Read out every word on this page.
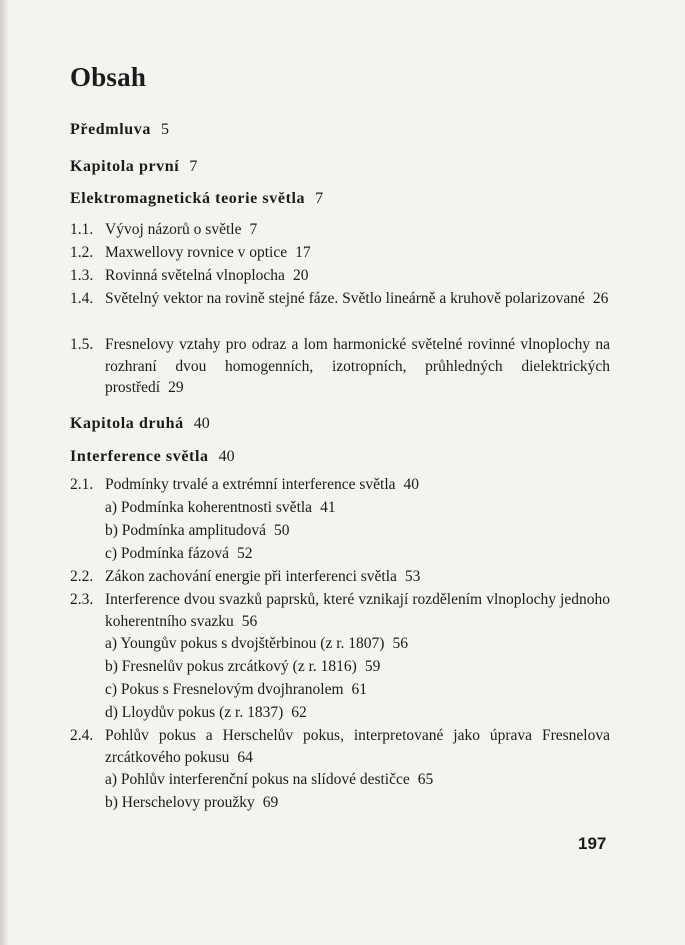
Obsah
Předmluva 5
Kapitola první 7
Elektromagnetická teorie světla 7
1.1. Vývoj názorů o světle 7
1.2. Maxwellovy rovnice v optice 17
1.3. Rovinná světelná vlnoplocha 20
1.4. Světelný vektor na rovině stejné fáze. Světlo lineárně a kruhově polarizované 26
1.5. Fresnelovy vztahy pro odraz a lom harmonické světelné rovinné vlnoplochy na rozhraní dvou homogenních, izotropních, průhledných dielektrických prostředí 29
Kapitola druhá 40
Interference světla 40
2.1. Podmínky trvalé a extrémní interference světla 40
a) Podmínka koherentnosti světla 41
b) Podmínka amplitudová 50
c) Podmínka fázová 52
2.2. Zákon zachování energie při interferenci světla 53
2.3. Interference dvou svazků paprsků, které vznikají rozdělením vlnoplochy jednoho koherentního svazku 56
a) Youngův pokus s dvojštěrbinou (z r. 1807) 56
b) Fresnelův pokus zrcátkový (z r. 1816) 59
c) Pokus s Fresnelovým dvojhranolem 61
d) Lloydův pokus (z r. 1837) 62
2.4. Pohlův pokus a Herschelův pokus, interpretované jako úprava Fresnelova zrcátkového pokusu 64
a) Pohlův interferenční pokus na slídové destičce 65
b) Herschelovy proužky 69
197
